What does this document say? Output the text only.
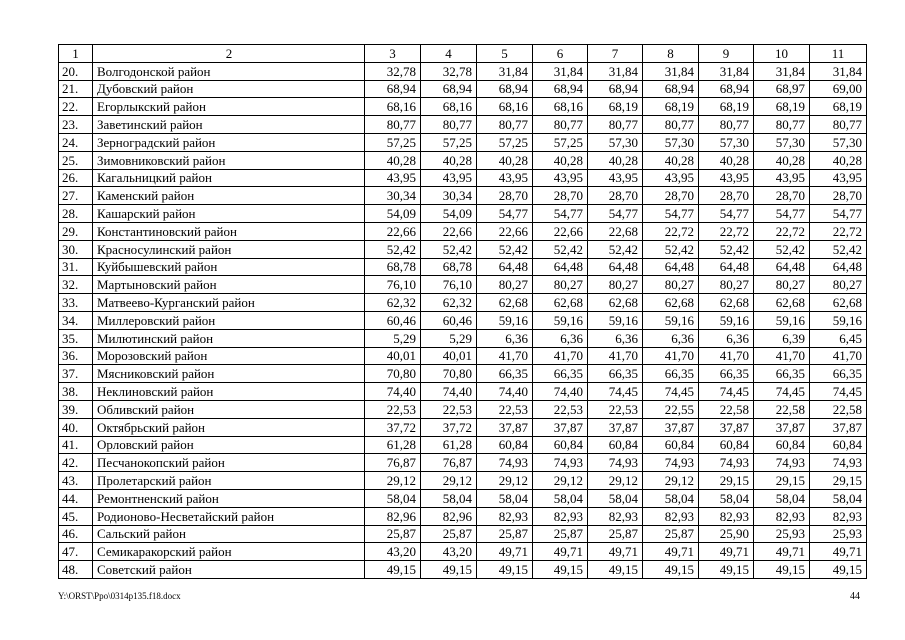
1	2	3	4	5	6	7	8	9	10	11
20.	Волгодонской район	32,78	32,78	31,84	31,84	31,84	31,84	31,84	31,84	31,84
21.	Дубовский район	68,94	68,94	68,94	68,94	68,94	68,94	68,94	68,97	69,00
22.	Егорлыкский район	68,16	68,16	68,16	68,16	68,19	68,19	68,19	68,19	68,19
23.	Заветинский район	80,77	80,77	80,77	80,77	80,77	80,77	80,77	80,77	80,77
24.	Зерноградский район	57,25	57,25	57,25	57,25	57,30	57,30	57,30	57,30	57,30
25.	Зимовниковский район	40,28	40,28	40,28	40,28	40,28	40,28	40,28	40,28	40,28
26.	Кагальницкий район	43,95	43,95	43,95	43,95	43,95	43,95	43,95	43,95	43,95
27.	Каменский район	30,34	30,34	28,70	28,70	28,70	28,70	28,70	28,70	28,70
28.	Кашарский район	54,09	54,09	54,77	54,77	54,77	54,77	54,77	54,77	54,77
29.	Константиновский район	22,66	22,66	22,66	22,66	22,68	22,72	22,72	22,72	22,72
30.	Красносулинский район	52,42	52,42	52,42	52,42	52,42	52,42	52,42	52,42	52,42
31.	Куйбышевский район	68,78	68,78	64,48	64,48	64,48	64,48	64,48	64,48	64,48
32.	Мартыновский район	76,10	76,10	80,27	80,27	80,27	80,27	80,27	80,27	80,27
33.	Матвеево-Курганский район	62,32	62,32	62,68	62,68	62,68	62,68	62,68	62,68	62,68
34.	Миллеровский район	60,46	60,46	59,16	59,16	59,16	59,16	59,16	59,16	59,16
35.	Милютинский район	5,29	5,29	6,36	6,36	6,36	6,36	6,36	6,39	6,45
36.	Морозовский район	40,01	40,01	41,70	41,70	41,70	41,70	41,70	41,70	41,70
37.	Мясниковский район	70,80	70,80	66,35	66,35	66,35	66,35	66,35	66,35	66,35
38.	Неклиновский район	74,40	74,40	74,40	74,40	74,45	74,45	74,45	74,45	74,45
39.	Обливский район	22,53	22,53	22,53	22,53	22,53	22,55	22,58	22,58	22,58
40.	Октябрьский район	37,72	37,72	37,87	37,87	37,87	37,87	37,87	37,87	37,87
41.	Орловский район	61,28	61,28	60,84	60,84	60,84	60,84	60,84	60,84	60,84
42.	Песчанокопский район	76,87	76,87	74,93	74,93	74,93	74,93	74,93	74,93	74,93
43.	Пролетарский район	29,12	29,12	29,12	29,12	29,12	29,12	29,15	29,15	29,15
44.	Ремонтненский район	58,04	58,04	58,04	58,04	58,04	58,04	58,04	58,04	58,04
45.	Родионово-Несветайский район	82,96	82,96	82,93	82,93	82,93	82,93	82,93	82,93	82,93
46.	Сальский район	25,87	25,87	25,87	25,87	25,87	25,87	25,90	25,93	25,93
47.	Семикаракорский район	43,20	43,20	49,71	49,71	49,71	49,71	49,71	49,71	49,71
48.	Советский район	49,15	49,15	49,15	49,15	49,15	49,15	49,15	49,15	49,15
Y:\ORST\Ppo\0314p135.f18.docx	44
